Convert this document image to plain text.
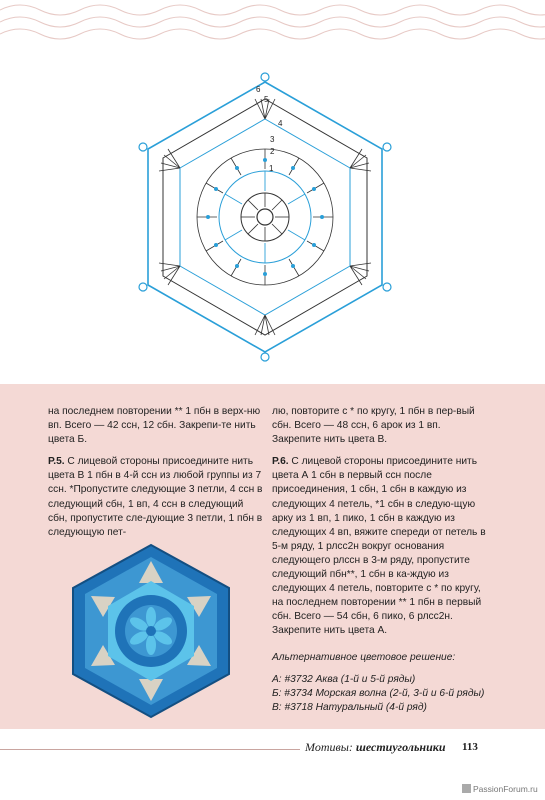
6
5
4
3
2
1

на последнем повторении ** 1 пбн в верх-ню вп. Всего — 42 ссн, 12 сбн. Закрепи-те нить цвета Б.

Р.5. С лицевой стороны присоедините нить цвета В 1 пбн в 4-й ссн из любой группы из 7 ссн. *Пропустите следующие 3 петли, 4 ссн в следующий сбн, 1 вп, 4 ссн в следующий сбн, пропустите сле-дующие 3 петли, 1 пбн в следующую пет-

лю, повторите с * по кругу, 1 пбн в пер-вый сбн. Всего — 48 ссн, 6 арок из 1 вп. Закрепите нить цвета В.

Р.6. С лицевой стороны присоедините нить цвета А 1 сбн в первый ссн после присоединения, 1 сбн, 1 сбн в каждую из следующих 4 петель, *1 сбн в следую-щую арку из 1 вп, 1 пико, 1 сбн в каждую из следующих 4 вп, вяжите спереди от петель в 5-м ряду, 1 рлсс2н вокруг основания следующего рлссн в 3-м ряду, пропустите следующий пбн**, 1 сбн в ка-ждую из следующих 4 петель, повторите с * по кругу, на последнем повторении ** 1 пбн в первый сбн. Всего — 54 сбн, 6 пико, 6 рлсс2н. Закрепите нить цвета А.

Альтернативное цветовое решение:

А: #3732 Аква (1-й и 5-й ряды)
Б: #3734 Морская волна (2-й, 3-й и 6-й ряды)
В: #3718 Натуральный (4-й ряд)
Мотивы: шестиугольники 113
PassionForum.ru
